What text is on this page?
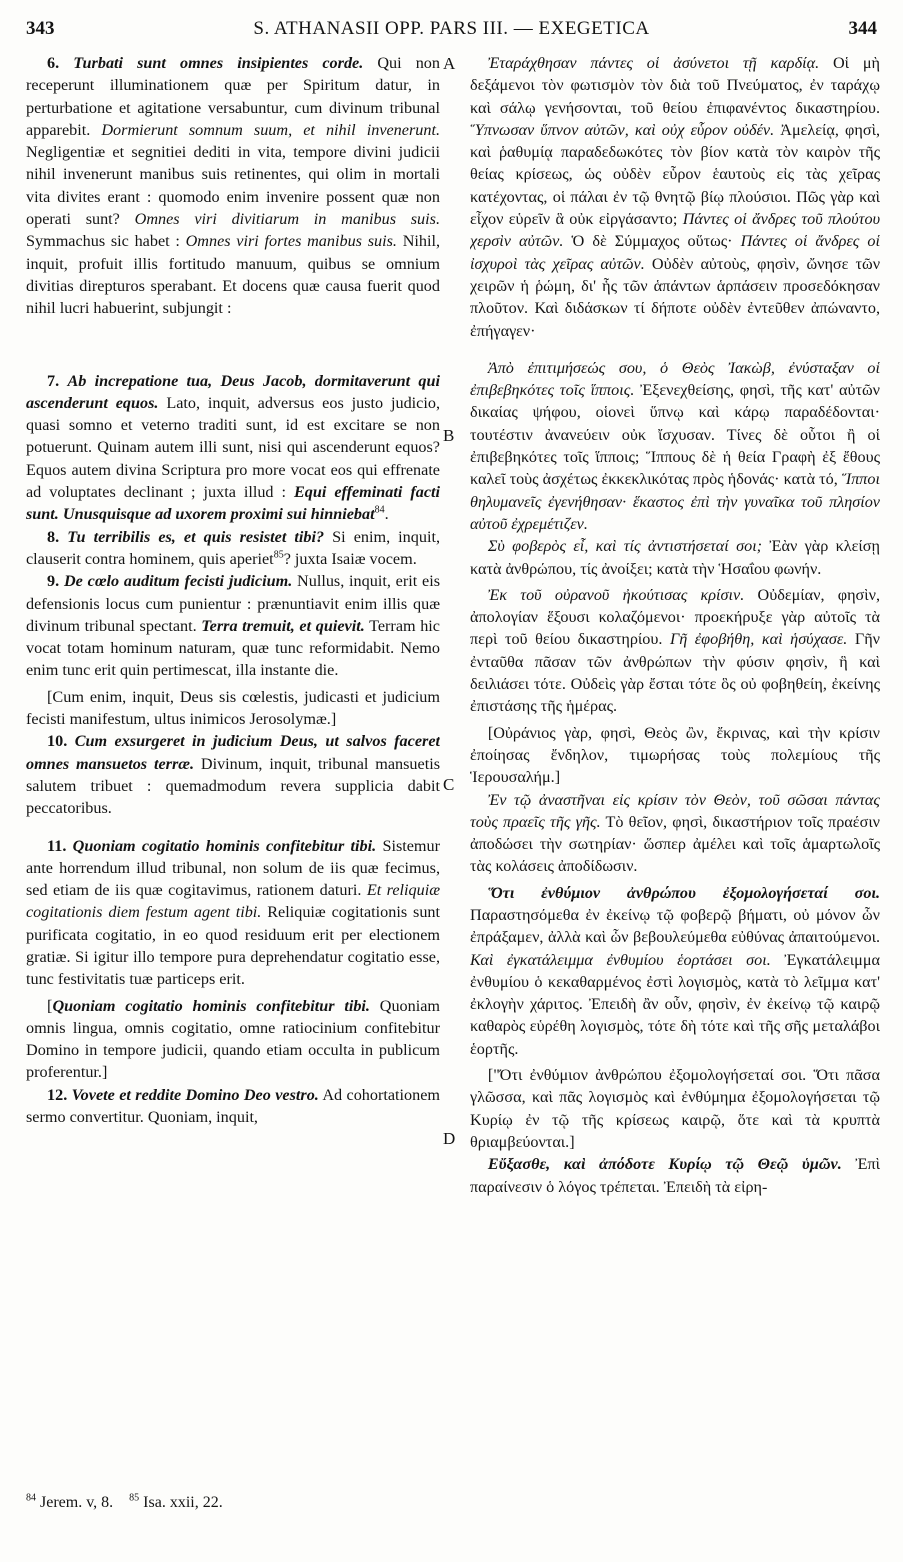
343	S. ATHANASII OPP. PARS III. — EXEGETICA	344
A
B
C
D

6. Turbati sunt omnes insipientes corde. Qui non receperunt illuminationem quæ per Spiritum datur, in perturbatione et agitatione versabuntur, cum divinum tribunal apparebit. Dormierunt somnum suum, et nihil invenerunt. Negligentiæ et segnitiei dediti in vita, tempore divini judicii nihil invenerunt manibus suis retinentes, qui olim in mortali vita divites erant : quomodo enim invenire possent quæ non operati sunt? Omnes viri divitiarum in manibus suis. Symmachus sic habet : Omnes viri fortes manibus suis. Nihil, inquit, profuit illis fortitudo manuum, quibus se omnium divitias direpturos sperabant. Et docens quæ causa fuerit quod nihil lucri habuerint, subjungit :

7. Ab increpatione tua, Deus Jacob, dormitaverunt qui ascenderunt equos. Lato, inquit, adversus eos justo judicio, quasi somno et veterno traditi sunt, id est excitare se non potuerunt. Quinam autem illi sunt, nisi qui ascenderunt equos? Equos autem divina Scriptura pro more vocat eos qui effrenate ad voluptates declinant ; juxta illud : Equi effeminati facti sunt. Unusquisque ad uxorem proximi sui hinniebat$^{84}$.

8. Tu terribilis es, et quis resistet tibi? Si enim, inquit, clauserit contra hominem, quis aperiet$^{85}$? juxta Isaiæ vocem.

9. De cœlo auditum fecisti judicium. Nullus, inquit, erit eis defensionis locus cum punientur : prænuntiavit enim illis quæ divinum tribunal spectant. Terra tremuit, et quievit. Terram hic vocat totam hominum naturam, quæ tunc reformidabit. Nemo enim tunc erit quin pertimescat, illa instante die.

[Cum enim, inquit, Deus sis cœlestis, judicasti et judicium fecisti manifestum, ultus inimicos Jerosolymæ.]

10. Cum exsurgeret in judicium Deus, ut salvos faceret omnes mansuetos terræ. Divinum, inquit, tribunal mansuetis salutem tribuet : quemadmodum revera supplicia dabit peccatoribus.

11. Quoniam cogitatio hominis confitebitur tibi. Sistemur ante horrendum illud tribunal, non solum de iis quæ fecimus, sed etiam de iis quæ cogitavimus, rationem daturi. Et reliquiæ cogitationis diem festum agent tibi. Reliquiæ cogitationis sunt purificata cogitatio, in eo quod residuum erit per electionem gratiæ. Si igitur illo tempore pura deprehendatur cogitatio esse, tunc festivitatis tuæ particeps erit.

[Quoniam cogitatio hominis confitebitur tibi. Quoniam omnis lingua, omnis cogitatio, omne ratiocinium confitebitur Domino in tempore judicii, quando etiam occulta in publicum proferentur.]

12. Vovete et reddite Domino Deo vestro. Ad cohortationem sermo convertitur. Quoniam, inquit,

Ἐταράχθησαν πάντες οἱ ἀσύνετοι τῇ καρδίᾳ. Οἱ μὴ δεξάμενοι τὸν φωτισμὸν τὸν διὰ τοῦ Πνεύματος, ἐν ταράχῳ καὶ σάλῳ γενήσονται, τοῦ θείου ἐπιφανέντος δικαστηρίου. Ὕπνωσαν ὕπνον αὐτῶν, καὶ οὐχ εὗρον οὐδέν. Ἀμελείᾳ, φησὶ, καὶ ῥαθυμίᾳ παραδεδωκότες τὸν βίον κατὰ τὸν καιρὸν τῆς θείας κρίσεως, ὡς οὐδὲν εὗρον ἑαυτοὺς εἰς τὰς χεῖρας κατέχοντας, οἱ πάλαι ἐν τῷ θνητῷ βίῳ πλούσιοι. Πῶς γὰρ καὶ εἶχον εὑρεῖν ἃ οὐκ εἰργάσαντο; Πάντες οἱ ἄνδρες τοῦ πλούτου χερσὶν αὐτῶν. Ὁ δὲ Σύμμαχος οὕτως· Πάντες οἱ ἄνδρες οἱ ἰσχυροὶ τὰς χεῖρας αὐτῶν. Οὐδὲν αὐτοὺς, φησὶν, ὤνησε τῶν χειρῶν ἡ ῥώμη, δι' ἧς τῶν ἁπάντων ἁρπάσειν προσεδόκησαν πλοῦτον. Καὶ διδάσκων τί δήποτε οὐδὲν ἐντεῦθεν ἀπώναντο, ἐπήγαγεν·

Ἀπὸ ἐπιτιμήσεώς σου, ὁ Θεὸς Ἰακὼβ, ἐνύσταξαν οἱ ἐπιβεβηκότες τοῖς ἵπποις. Ἐξενεχθείσης, φησὶ, τῆς κατ' αὐτῶν δικαίας ψήφου, οἱονεὶ ὕπνῳ καὶ κάρῳ παραδέδονται· τουτέστιν ἀνανεύειν οὐκ ἴσχυσαν. Τίνες δὲ οὗτοι ἢ οἱ ἐπιβεβηκότες τοῖς ἵπποις; Ἵππους δὲ ἡ θεία Γραφὴ ἐξ ἔθους καλεῖ τοὺς ἀσχέτως ἐκκεκλικότας πρὸς ἡδονάς· κατὰ τό, Ἵπποι θηλυμανεῖς ἐγενήθησαν· ἕκαστος ἐπὶ τὴν γυναῖκα τοῦ πλησίον αὐτοῦ ἐχρεμέτιζεν.

Σὺ φοβερὸς εἶ, καὶ τίς ἀντιστήσεταί σοι; Ἐὰν γὰρ κλείσῃ κατὰ ἀνθρώπου, τίς ἀνοίξει; κατὰ τὴν Ἡσαΐου φωνήν.

Ἐκ τοῦ οὐρανοῦ ἠκούτισας κρίσιν. Οὐδεμίαν, φησὶν, ἀπολογίαν ἕξουσι κολαζόμενοι· προεκήρυξε γὰρ αὐτοῖς τὰ περὶ τοῦ θείου δικαστηρίου. Γῆ ἐφοβήθη, καὶ ἡσύχασε. Γῆν ἐνταῦθα πᾶσαν τῶν ἀνθρώπων τὴν φύσιν φησὶν, ἣ καὶ δειλιάσει τότε. Οὐδεὶς γὰρ ἔσται τότε ὃς οὐ φοβηθείη, ἐκείνης ἐπιστάσης τῆς ἡμέρας.

[Οὐράνιος γὰρ, φησὶ, Θεὸς ὢν, ἔκρινας, καὶ τὴν κρίσιν ἐποίησας ἔνδηλον, τιμωρήσας τοὺς πολεμίους τῆς Ἱερουσαλήμ.]

Ἐν τῷ ἀναστῆναι εἰς κρίσιν τὸν Θεὸν, τοῦ σῶσαι πάντας τοὺς πραεῖς τῆς γῆς. Τὸ θεῖον, φησὶ, δικαστήριον τοῖς πραέσιν ἀποδώσει τὴν σωτηρίαν· ὥσπερ ἀμέλει καὶ τοῖς ἁμαρτωλοῖς τὰς κολάσεις ἀποδίδωσιν.

Ὅτι ἐνθύμιον ἀνθρώπου ἐξομολογήσεταί σοι. Παραστησόμεθα ἐν ἐκείνῳ τῷ φοβερῷ βήματι, οὐ μόνον ὧν ἐπράξαμεν, ἀλλὰ καὶ ὧν βεβουλεύμεθα εὐθύνας ἀπαιτούμενοι. Καὶ ἐγκατάλειμμα ἐνθυμίου ἑορτάσει σοι. Ἐγκατάλειμμα ἐνθυμίου ὁ κεκαθαρμένος ἐστὶ λογισμὸς, κατὰ τὸ λεῖμμα κατ' ἐκλογὴν χάριτος. Ἐπειδὴ ἂν οὖν, φησὶν, ἐν ἐκείνῳ τῷ καιρῷ καθαρὸς εὑρέθη λογισμὸς, τότε δὴ τότε καὶ τῆς σῆς μεταλάβοι ἑορτῆς.

["Ότι ἐνθύμιον ἀνθρώπου ἐξομολογήσεταί σοι. Ὅτι πᾶσα γλῶσσα, καὶ πᾶς λογισμὸς καὶ ἐνθύμημα ἐξομολογήσεται τῷ Κυρίῳ ἐν τῷ τῆς κρίσεως καιρῷ, ὅτε καὶ τὰ κρυπτὰ θριαμβεύονται.]

Εὔξασθε, καὶ ἀπόδοτε Κυρίῳ τῷ Θεῷ ὑμῶν. Ἐπὶ παραίνεσιν ὁ λόγος τρέπεται. Ἐπειδὴ τὰ εἰρη-

$^{84}$ Jerem. v, 8. $^{85}$ Isa. xxii, 22.
